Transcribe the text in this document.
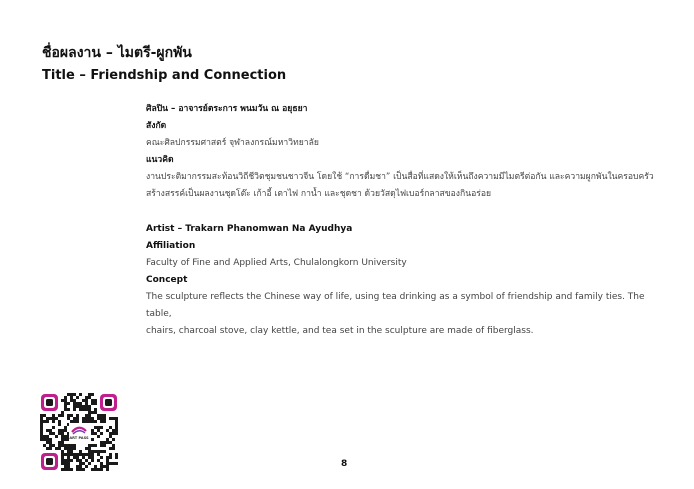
ชื่อผลงาน – ไมตรี-ผูกพัน
Title – Friendship and Connection
ศิลปิน – อาจารย์ตระการ พนมวัน ณ อยุธยา
สังกัด
คณะศิลปกรรมศาสตร์ จุฬาลงกรณ์มหาวิทยาลัย
แนวคิด
งานประติมากรรมสะท้อนวิถีชีวิตชุมชนชาวจีน โดยใช้ “การดื่มชา” เป็นสื่อที่แสดงให้เห็นถึงความมีไมตรีต่อกัน และความผูกพันในครอบครัว
สร้างสรรค์เป็นผลงานชุดโต๊ะ เก้าอี้ เตาไฟ กาน้ำ และชุดชา ด้วยวัสดุไฟเบอร์กลาสของกินอร่อย
Artist – Trakarn Phanomwan Na Ayudhya
Affiliation
Faculty of Fine and Applied Arts, Chulalongkorn University
Concept
The sculpture reflects the Chinese way of life, using tea drinking as a symbol of friendship and family ties. The table,
chairs, charcoal stove, clay kettle, and tea set in the sculpture are made of fiberglass.
ART PASS
8
